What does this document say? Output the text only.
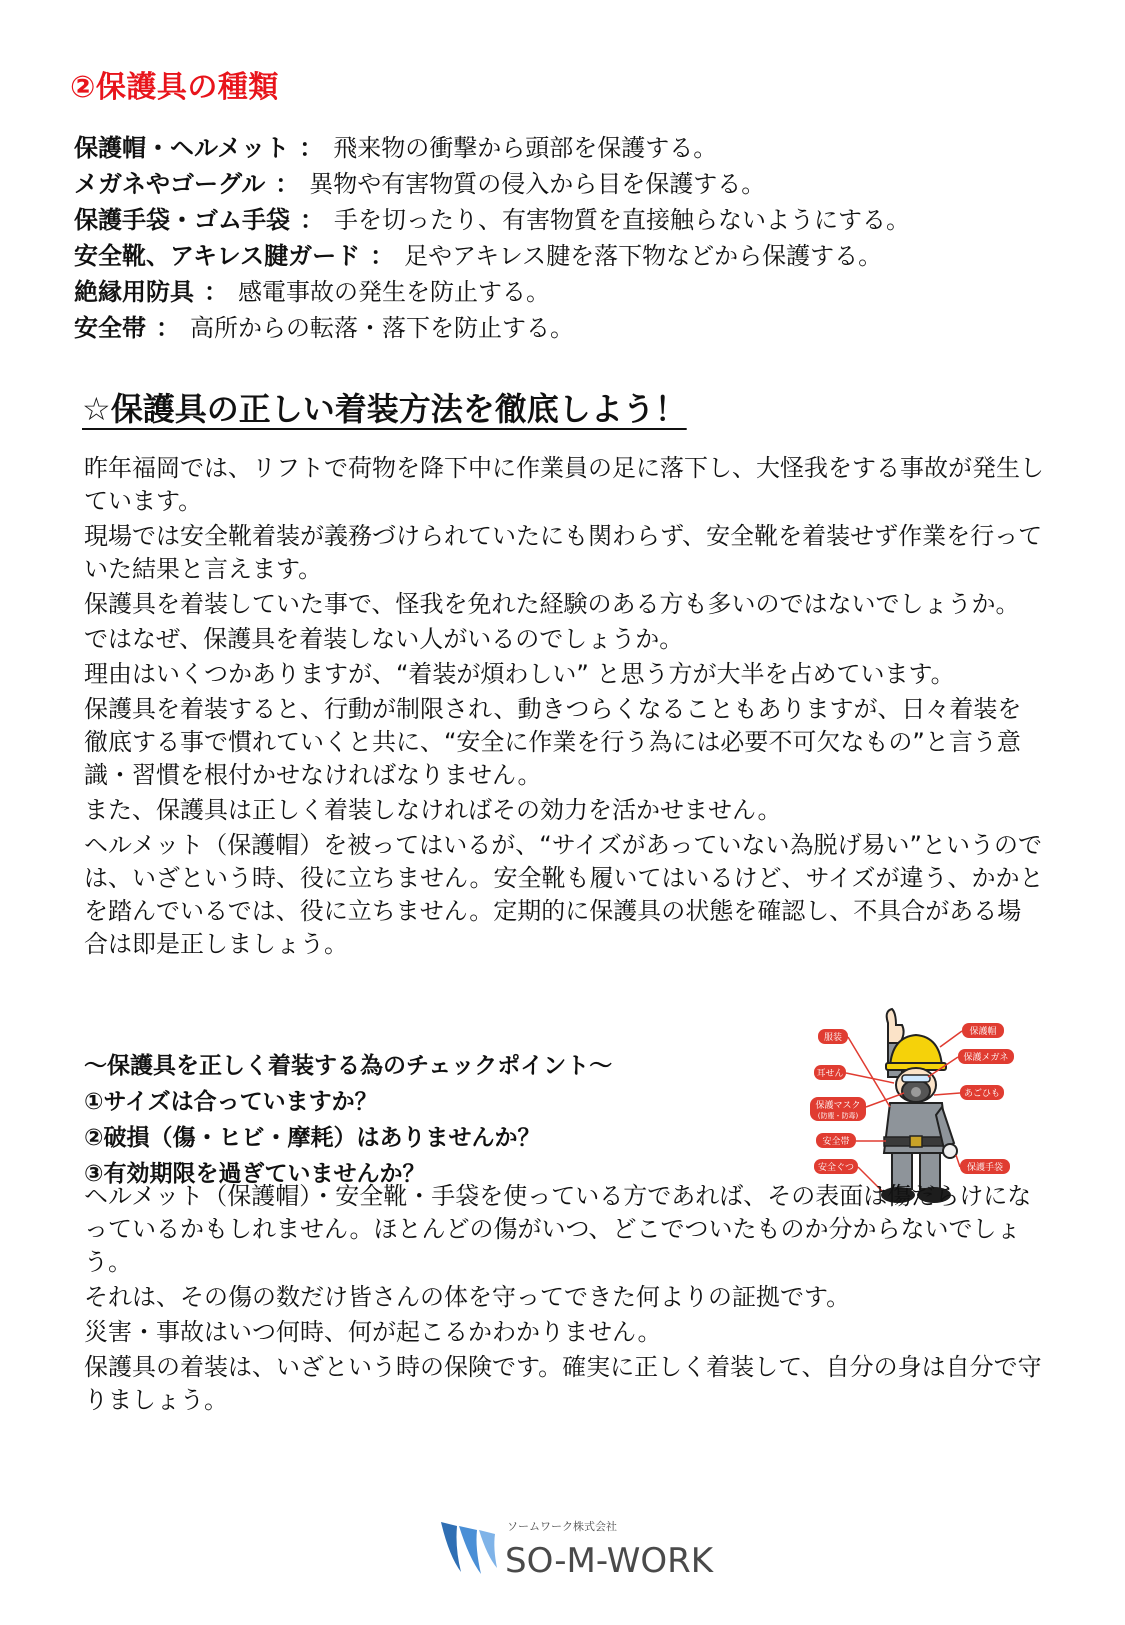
②保護具の種類
保護帽・ヘルメット ： 飛来物の衝撃から頭部を保護する。
メガネやゴーグル ： 異物や有害物質の侵入から目を保護する。
保護手袋・ゴム手袋 ： 手を切ったり、有害物質を直接触らないようにする。
安全靴、アキレス腱ガード ： 足やアキレス腱を落下物などから保護する。
絶縁用防具 ： 感電事故の発生を防止する。
安全帯 ： 高所からの転落・落下を防止する。
☆保護具の正しい着装方法を徹底しよう！

昨年福岡では、リフトで荷物を降下中に作業員の足に落下し、大怪我をする事故が発生しています。

現場では安全靴着装が義務づけられていたにも関わらず、安全靴を着装せず作業を行っていた結果と言えます。

保護具を着装していた事で、怪我を免れた経験のある方も多いのではないでしょうか。

ではなぜ、保護具を着装しない人がいるのでしょうか。

理由はいくつかありますが、“着装が煩わしい” と思う方が大半を占めています。

保護具を着装すると、行動が制限され、動きつらくなることもありますが、日々着装を徹底する事で慣れていくと共に、“安全に作業を行う為には必要不可欠なもの”と言う意識・習慣を根付かせなければなりません。

また、保護具は正しく着装しなければその効力を活かせません。

ヘルメット（保護帽）を被ってはいるが、“サイズがあっていない為脱げ易い”というのでは、いざという時、役に立ちません。安全靴も履いてはいるけど、サイズが違う、かかとを踏んでいるでは、役に立ちません。定期的に保護具の状態を確認し、不具合がある場合は即是正しましょう。

～保護具を正しく着装する為のチェックポイント～
①サイズは合っていますか？
②破損（傷・ヒビ・摩耗）はありませんか？
③有効期限を過ぎていませんか？
服装
保護帽
耳せん
保護メガネ
保護マスク
(防塵・防毒)
あごひも
安全帯
安全ぐつ	保護手袋

ヘルメット（保護帽）・安全靴・手袋を使っている方であれば、その表面は傷だらけになっているかもしれません。ほとんどの傷がいつ、どこでついたものか分からないでしょう。

それは、その傷の数だけ皆さんの体を守ってできた何よりの証拠です。

災害・事故はいつ何時、何が起こるかわかりません。

保護具の着装は、いざという時の保険です。確実に正しく着装して、自分の身は自分で守りましょう。

ソームワーク株式会社
SO-M-WORK
